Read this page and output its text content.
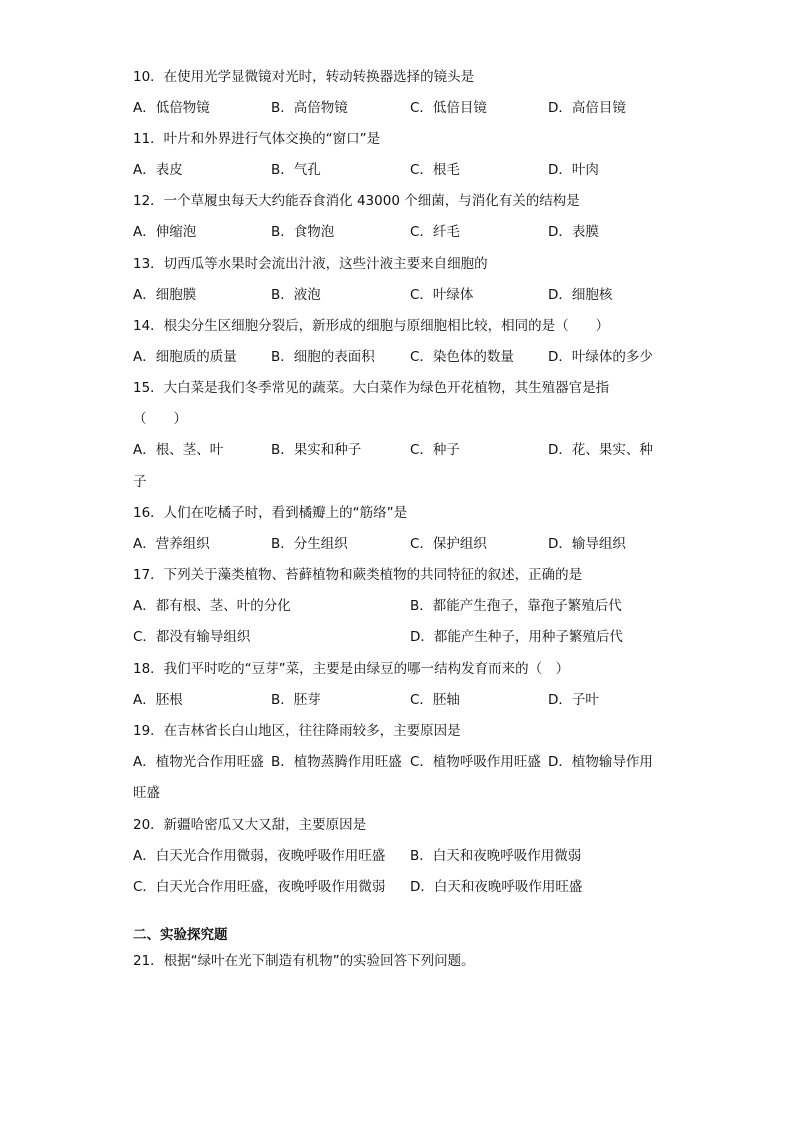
10．在使用光学显微镜对光时，转动转换器选择的镜头是
A．低倍物镜	B．高倍物镜	C．低倍目镜	D．高倍目镜
11．叶片和外界进行气体交换的“窗口”是
A．表皮	B．气孔	C．根毛	D．叶肉
12．一个草履虫每天大约能吞食消化 43000 个细菌，与消化有关的结构是
A．伸缩泡	B．食物泡	C．纤毛	D．表膜
13．切西瓜等水果时会流出汁液，这些汁液主要来自细胞的
A．细胞膜	B．液泡	C．叶绿体	D．细胞核
14．根尖分生区细胞分裂后，新形成的细胞与原细胞相比较，相同的是（　　）
A．细胞质的质量	B．细胞的表面积	C．染色体的数量	D．叶绿体的多少
15．大白菜是我们冬季常见的蔬菜。大白菜作为绿色开花植物，其生殖器官是指
（　　）
A．根、茎、叶	B．果实和种子	C．种子	D．花、果实、种
子
16．人们在吃橘子时，看到橘瓣上的“筋络”是
A．营养组织	B．分生组织	C．保护组织	D．输导组织
17．下列关于藻类植物、苔藓植物和蕨类植物的共同特征的叙述，正确的是
A．都有根、茎、叶的分化	B．都能产生孢子，靠孢子繁殖后代
C．都没有输导组织	D．都能产生种子，用种子繁殖后代
18．我们平时吃的“豆芽”菜，主要是由绿豆的哪一结构发育而来的（　）
A．胚根	B．胚芽	C．胚轴	D．子叶
19．在吉林省长白山地区，往往降雨较多，主要原因是
A．植物光合作用旺盛 B．植物蒸腾作用旺盛 C．植物呼吸作用旺盛 D．植物输导作用
旺盛
20．新疆哈密瓜又大又甜，主要原因是
A．白天光合作用微弱，夜晚呼吸作用旺盛 B．白天和夜晚呼吸作用微弱
C．白天光合作用旺盛，夜晚呼吸作用微弱 D．白天和夜晚呼吸作用旺盛
二、实验探究题
21．根据“绿叶在光下制造有机物”的实验回答下列问题。
